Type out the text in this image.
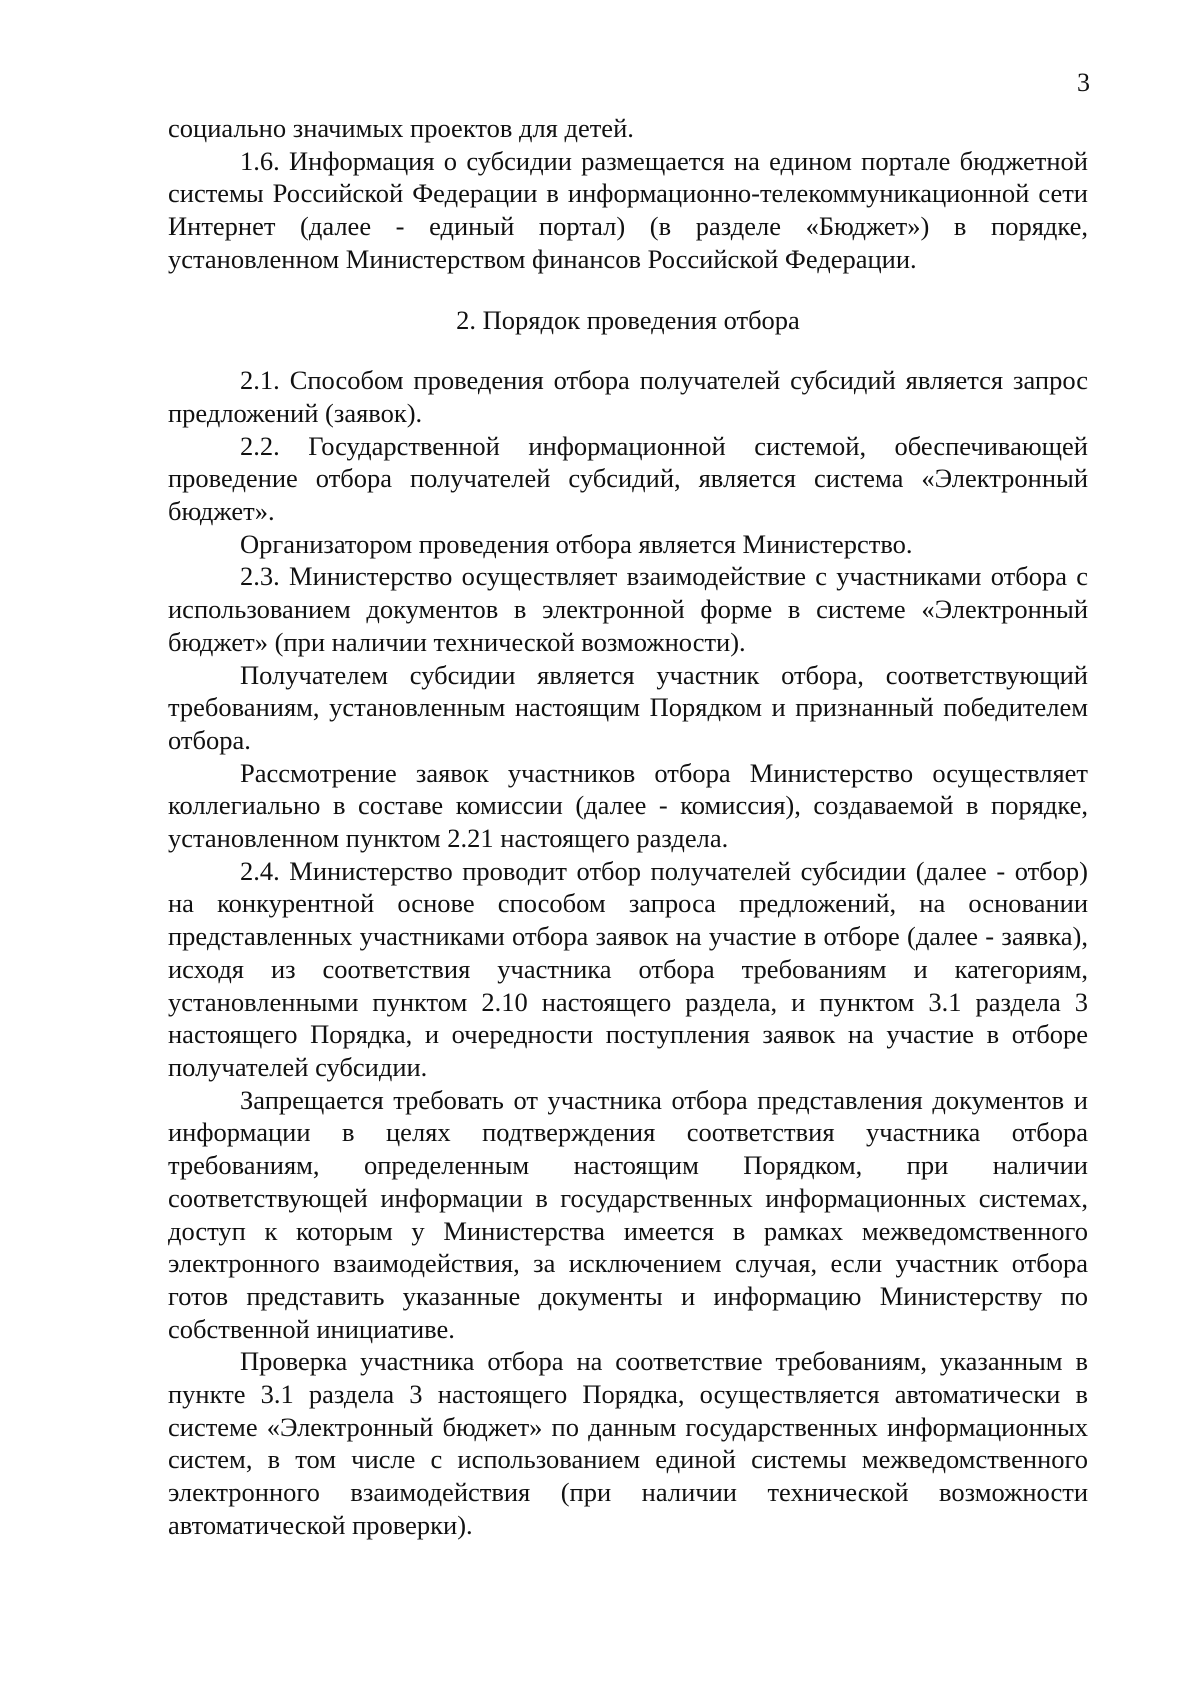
3

социально значимых проектов для детей.

1.6. Информация о субсидии размещается на едином портале бюджетной системы Российской Федерации в информационно-телекоммуникационной сети Интернет (далее - единый портал) (в разделе «Бюджет») в порядке, установленном Министерством финансов Российской Федерации.

2. Порядок проведения отбора

2.1. Способом проведения отбора получателей субсидий является запрос предложений (заявок).

2.2. Государственной информационной системой, обеспечивающей проведение отбора получателей субсидий, является система «Электронный бюджет».

Организатором проведения отбора является Министерство.

2.3. Министерство осуществляет взаимодействие с участниками отбора с использованием документов в электронной форме в системе «Электронный бюджет» (при наличии технической возможности).

Получателем субсидии является участник отбора, соответствующий требованиям, установленным настоящим Порядком и признанный победителем отбора.

Рассмотрение заявок участников отбора Министерство осуществляет коллегиально в составе комиссии (далее - комиссия), создаваемой в порядке, установленном пунктом 2.21 настоящего раздела.

2.4. Министерство проводит отбор получателей субсидии (далее - отбор) на конкурентной основе способом запроса предложений, на основании представленных участниками отбора заявок на участие в отборе (далее - заявка), исходя из соответствия участника отбора требованиям и категориям, установленными пунктом 2.10 настоящего раздела, и пунктом 3.1 раздела 3 настоящего Порядка, и очередности поступления заявок на участие в отборе получателей субсидии.

Запрещается требовать от участника отбора представления документов и информации в целях подтверждения соответствия участника отбора требованиям, определенным настоящим Порядком, при наличии соответствующей информации в государственных информационных системах, доступ к которым у Министерства имеется в рамках межведомственного электронного взаимодействия, за исключением случая, если участник отбора готов представить указанные документы и информацию Министерству по собственной инициативе.

Проверка участника отбора на соответствие требованиям, указанным в пункте 3.1 раздела 3 настоящего Порядка, осуществляется автоматически в системе «Электронный бюджет» по данным государственных информационных систем, в том числе с использованием единой системы межведомственного электронного взаимодействия (при наличии технической возможности автоматической проверки).
